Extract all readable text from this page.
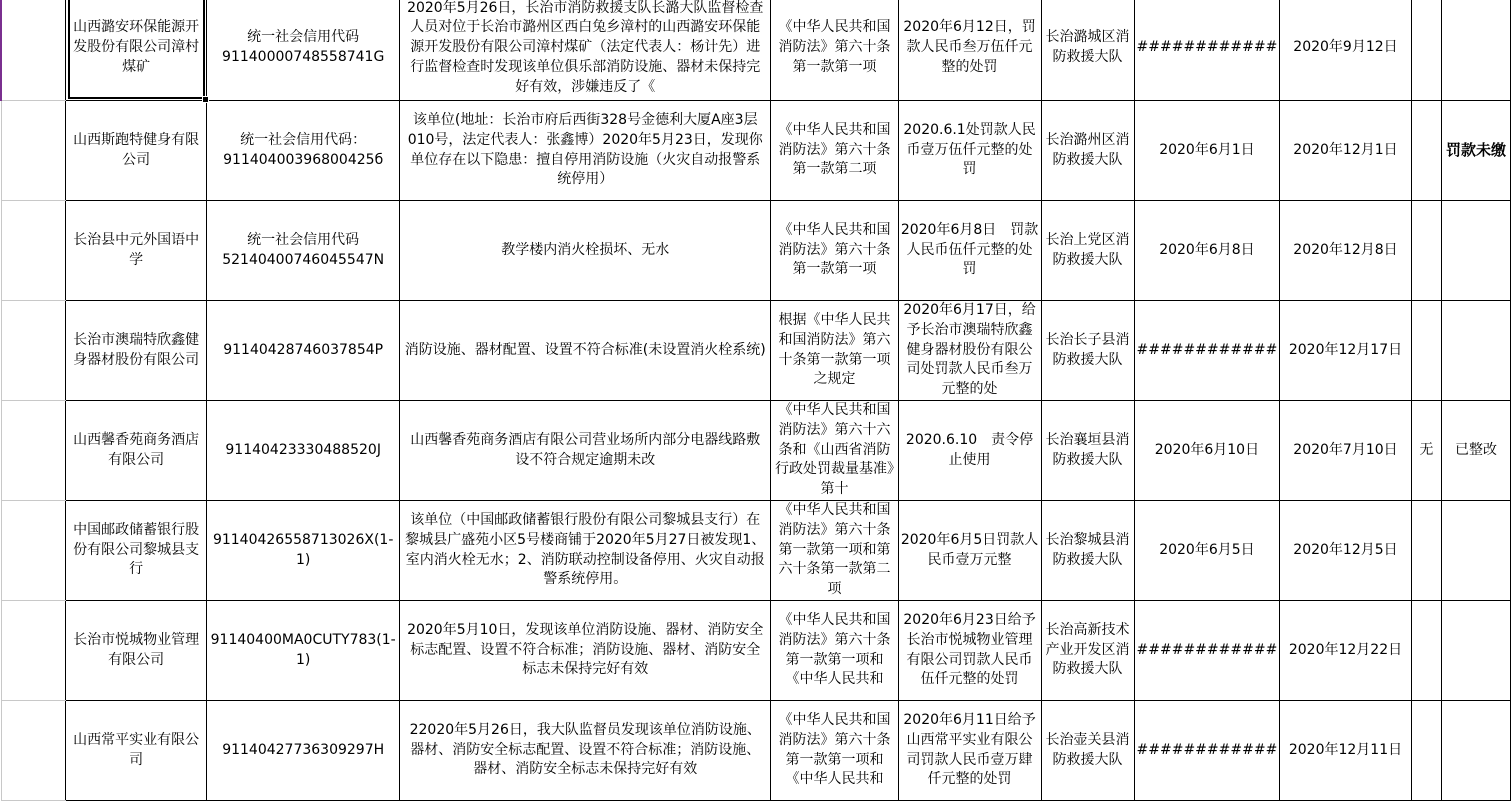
	山西潞安环保能源开发股份有限公司漳村煤矿	统一社会信用代码91140000748558741G	2020年5月26日，长治市消防救援支队长潞大队监督检查人员对位于长治市潞州区西白兔乡漳村的山西潞安环保能源开发股份有限公司漳村煤矿（法定代表人：杨计先）进行监督检查时发现该单位俱乐部消防设施、器材未保持完好有效，涉嫌违反了《	《中华人民共和国消防法》第六十条第一款第一项	2020年6月12日，罚款人民币叁万伍仟元整的处罚	长治潞城区消防救援大队	############	2020年9月12日		

	山西斯跑特健身有限公司	统一社会信用代码：91140400396800425б	该单位(地址：长治市府后西街328号金德利大厦A座3层010号，法定代表人：张鑫博）2020年5月23日，发现你单位存在以下隐患：擅自停用消防设施（火灾自动报警系统停用）	《中华人民共和国消防法》第六十条第一款第二项	2020.6.1处罚款人民币壹万伍仟元整的处罚	长治潞州区消防救援大队	2020年6月1日	2020年12月1日		罚款未缴

	长治县中元外国语中学	统一社会信用代码52140400746045547N	教学楼内消火栓损坏、无水	《中华人民共和国消防法》第六十条第一款第一项	2020年6月8日　罚款人民币伍仟元整的处罚	长治上党区消防救援大队	2020年6月8日	2020年12月8日		

	长治市澳瑞特欣鑫健身器材股份有限公司	91140428746037854P	消防设施、器材配置、设置不符合标准(未设置消火栓系统)	根据《中华人民共和国消防法》第六十条第一款第一项之规定	2020年6月17日，给予长治市澳瑞特欣鑫健身器材股份有限公司处罚款人民币叁万元整的处	长治长子县消防救援大队	############	2020年12月17日		

	山西馨香苑商务酒店有限公司	91140423330488520J	山西馨香苑商务酒店有限公司营业场所内部分电器线路敷设不符合规定逾期未改	《中华人民共和国消防法》第六十六条和《山西省消防行政处罚裁量基准》第十	2020.6.10　责令停止使用	长治襄垣县消防救援大队	2020年6月10日	2020年7月10日	无	已整改

	中国邮政储蓄银行股份有限公司黎城县支行	91140426558713026X(1-1)	该单位（中国邮政储蓄银行股份有限公司黎城县支行）在黎城县广盛苑小区5号楼商铺于2020年5月27日被发现1、室内消火栓无水；2、消防联动控制设备停用、火灾自动报警系统停用。	《中华人民共和国消防法》第六十条第一款第一项和第六十条第一款第二项	2020年6月5日罚款人民币壹万元整	长治黎城县消防救援大队	2020年6月5日	2020年12月5日		

	长治市悦城物业管理有限公司	91140400MA0CUTY783(1-1)	2020年5月10日，发现该单位消防设施、器材、消防安全标志配置、设置不符合标准；消防设施、器材、消防安全标志未保持完好有效	《中华人民共和国消防法》第六十条第一款第一项和《中华人民共和	2020年6月23日给予长治市悦城物业管理有限公司罚款人民币伍仟元整的处罚	长治高新技术产业开发区消防救援大队	############	2020年12月22日		

	山西常平实业有限公司	91140427736309297H	22020年5月26日，我大队监督员发现该单位消防设施、器材、消防安全标志配置、设置不符合标准；消防设施、器材、消防安全标志未保持完好有效	《中华人民共和国消防法》第六十条第一款第一项和《中华人民共和	2020年6月11日给予山西常平实业有限公司罚款人民币壹万肆仟元整的处罚	长治壶关县消防救援大队	############	2020年12月11日		
